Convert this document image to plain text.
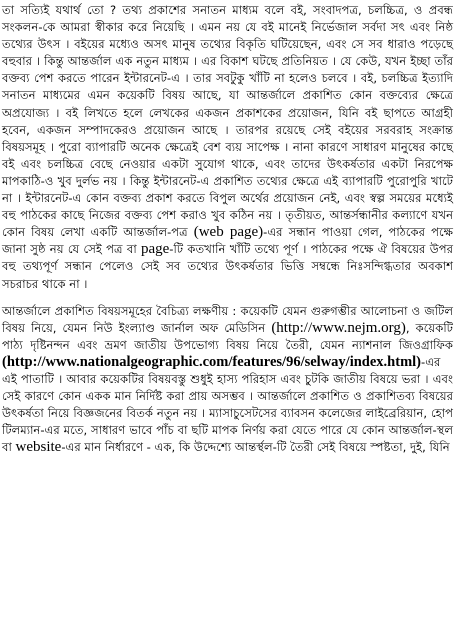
তা সত্যিই যথার্থ তো ? তথ্য প্রকাশের সনাতন মাধ্যম বলে বই, সংবাদপত্র, চলচ্চিত্র, ও প্রবন্ধ সংকলন-কে আমরা স্বীকার করে নিয়েছি । এমন নয় যে বই মানেই নির্ভেজাল সর্বদা সৎ এবং নিষ্ঠ তথ্যের উৎস । বইয়ের মধ্যেও অসৎ মানুষ তথ্যের বিকৃতি ঘটিয়েছেন, এবং সে সব ধারাও পড়েছে বহুবার । কিন্তু আন্তর্জাল এক নতুন মাধ্যম । এর বিকাশ ঘটছে প্রতিনিয়ত । যে কেউ, যখন ইচ্ছা তাঁর বক্তব্য পেশ করতে পারেন ইন্টারনেট-এ । তার সবটুকু খাঁটি না হলেও চলবে । বই, চলচ্চিত্র ইত্যাদি সনাতন মাধ্যমের এমন কয়েকটি বিষয় আছে, যা আন্তর্জালে প্রকাশিত কোন বক্তব্যের ক্ষেত্রে অপ্রযোজ্য । বই লিখতে হলে লেখকের একজন প্রকাশকের প্রয়োজন, যিনি বই ছাপতে আগ্রহী হবেন, একজন সম্পাদকেরও প্রয়োজন আছে । তারপর রয়েছে সেই বইয়ের সরবরাহ সংক্রান্ত বিষয়সমূহ । পুরো ব্যাপারটি অনেক ক্ষেত্রেই বেশ ব্যয় সাপেক্ষ । নানা কারণে সাধারণ মানুষের কাছে বই এবং চলচ্চিত্র বেছে নেওয়ার একটা সুযোগ থাকে, এবং তাদের উৎকর্ষতার একটা নিরপেক্ষ মাপকাঠি-ও খুব দুর্লভ নয় । কিন্তু ইন্টারনেট-এ প্রকাশিত তথ্যের ক্ষেত্রে এই ব্যাপারটি পুরোপুরি খাটে না । ইন্টারনেট-এ কোন বক্তব্য প্রকাশ করতে বিপুল অর্থের প্রয়োজন নেই, এবং স্বল্প সময়ের মধ্যেই বহু পাঠকের কাছে নিজের বক্তব্য পেশ করাও খুব কঠিন নয় । তৃতীয়ত, আন্তর্সন্ধানীর কল্যাণে যখন কোন বিষয় লেখা একটি আন্তর্জাল-পত্র (web page)-এর সন্ধান পাওয়া গেল, পাঠকের পক্ষে জানা সুষ্ঠ নয় যে সেই পত্র বা page-টি কতখানি খাঁটি তথ্যে পূর্ণ । পাঠকের পক্ষে ঐ বিষয়ের উপর বহু তথ্যপূর্ণ সন্ধান পেলেও সেই সব তথ্যের উৎকর্ষতার ভিত্তি সম্বন্ধে নিঃসন্দিগ্ধতার অবকাশ সচরাচর থাকে না ।

আন্তর্জালে প্রকাশিত বিষয়সমূহের বৈচিত্র্য লক্ষণীয় : কয়েকটি যেমন গুরুগম্ভীর আলোচনা ও জটিল বিষয় নিয়ে, যেমন নিউ ইংল্যাণ্ড জার্নাল অফ মেডিসিন (http://www.nejm.org), কয়েকটি পাঠ্য দৃষ্টিনন্দন এবং ভ্রমণ জাতীয় উপভোগ্য বিষয় নিয়ে তৈরী, যেমন ন্যাশনাল জিওগ্রাফিক (http://www.nationalgeographic.com/features/96/selway/index.html)-এর এই পাতাটি । আবার কয়েকটির বিষয়বস্তু শুধুই হাস্য পরিহাস এবং চুটকি জাতীয় বিষয়ে ভরা । এবং সেই কারণে কোন একক মান নির্দিষ্ট করা প্রায় অসম্ভব । আন্তর্জালে প্রকাশিত ও প্রকাশিতব্য বিষয়ের উৎকর্ষতা নিয়ে বিজ্ঞজনের বিতর্ক নতুন নয় । ম্যাসাচুসেটসের ব্যাবসন কলেজের লাইব্রেরিয়ান, হোপ টিলম্যান-এর মতে, সাধারণ ভাবে পাঁচ বা ছটি মাপক নির্ণয় করা যেতে পারে যে কোন আন্তর্জাল-স্থল বা website-এর মান নির্ধারণে - এক, কি উদ্দেশ্যে আন্তর্স্থল-টি তৈরী সেই বিষয়ে স্পষ্টতা, দুই, যিনি
